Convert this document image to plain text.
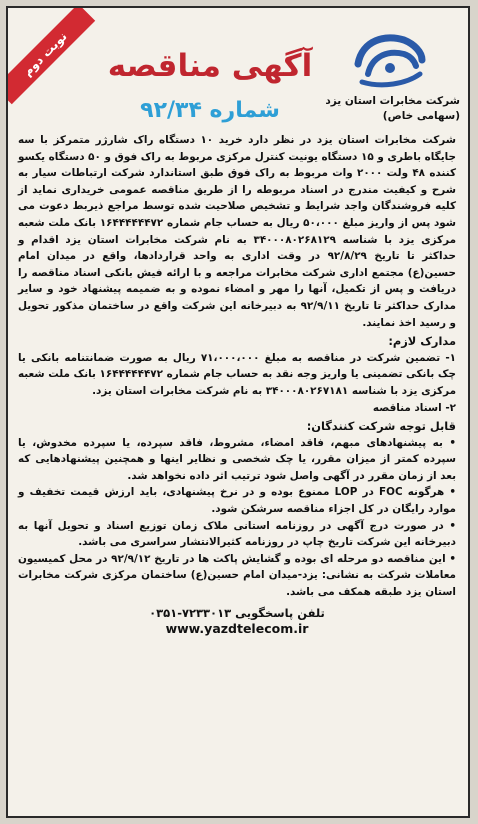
نوبت دوم	آگهی مناقصه
شماره ۹۲/۳۴	شرکت مخابرات استان یزد
(سهامی خاص)

شرکت مخابرات استان یزد در نظر دارد خرید ۱۰ دستگاه راک شارژر متمرکز با سه جایگاه باطری و ۱۵ دستگاه یونیت کنترل مرکزی مربوط به راک فوق و ۵۰ دستگاه یکسو کننده ۴۸ ولت ۲۰۰۰ وات مربوط به راک فوق طبق استاندارد شرکت ارتباطات سیار به شرح و کیفیت مندرج در اسناد مربوطه را از طریق مناقصه عمومی خریداری نماید از کلیه فروشندگان واجد شرایط و تشخیص صلاحیت شده توسط مراجع ذیربط دعوت می شود پس از واریز مبلغ ۵۰،۰۰۰ ریال به حساب جام شماره ۱۶۴۴۴۴۴۴۷۲ بانک ملت شعبه مرکزی یزد با شناسه ۳۴۰۰۰۸۰۲۶۸۱۲۹ به نام شرکت مخابرات استان یزد اقدام و حداکثر تا تاریخ ۹۲/۸/۲۹ در وقت اداری به واحد قراردادها، واقع در میدان امام حسین(ع) مجتمع اداری شرکت مخابرات مراجعه و با ارائه فیش بانکی اسناد مناقصه را دریافت و پس از تکمیل، آنها را مهر و امضاء نموده و به ضمیمه پیشنهاد خود و سایر مدارک حداکثر تا تاریخ ۹۲/۹/۱۱ به دبیرخانه این شرکت واقع در ساختمان مذکور تحویل و رسید اخذ نمایند.

مدارک لازم:

۱- تضمین شرکت در مناقصه به مبلغ ۷۱،۰۰۰،۰۰۰ ریال به صورت ضمانتنامه بانکی یا چک بانکی تضمینی یا واریز وجه نقد به حساب جام شماره ۱۶۴۴۴۴۴۴۷۲ بانک ملت شعبه مرکزی یزد با شناسه ۳۴۰۰۰۸۰۲۶۷۱۸۱ به نام شرکت مخابرات استان یزد.

۲- اسناد مناقصه

قابل توجه شرکت کنندگان:

• به پیشنهادهای مبهم، فاقد امضاء، مشروط، فاقد سپرده، یا سپرده مخدوش، یا سپرده کمتر از میزان مقرر، یا چک شخصی و نظایر اینها و همچنین پیشنهادهایی که بعد از زمان مقرر در آگهی واصل شود ترتیب اثر داده نخواهد شد.

• هرگونه FOC در LOP ممنوع بوده و در نرخ پیشنهادی، باید ارزش قیمت تخفیف و موارد رایگان در کل اجزاء مناقصه سرشکن شود.

• در صورت درج آگهی در روزنامه استانی ملاک زمان توزیع اسناد و تحویل آنها به دبیرخانه این شرکت تاریخ چاپ در روزنامه کثیرالانتشار سراسری می باشد.

• این مناقصه دو مرحله ای بوده و گشایش پاکت ها در تاریخ ۹۲/۹/۱۲ در محل کمیسیون معاملات شرکت به نشانی: یزد-میدان امام حسین(ع) ساختمان مرکزی شرکت مخابرات استان یزد طبقه همکف می باشد.

تلفن پاسخگویی ۷۲۳۳۰۱۳-۰۳۵۱

www.yazdtelecom.ir
